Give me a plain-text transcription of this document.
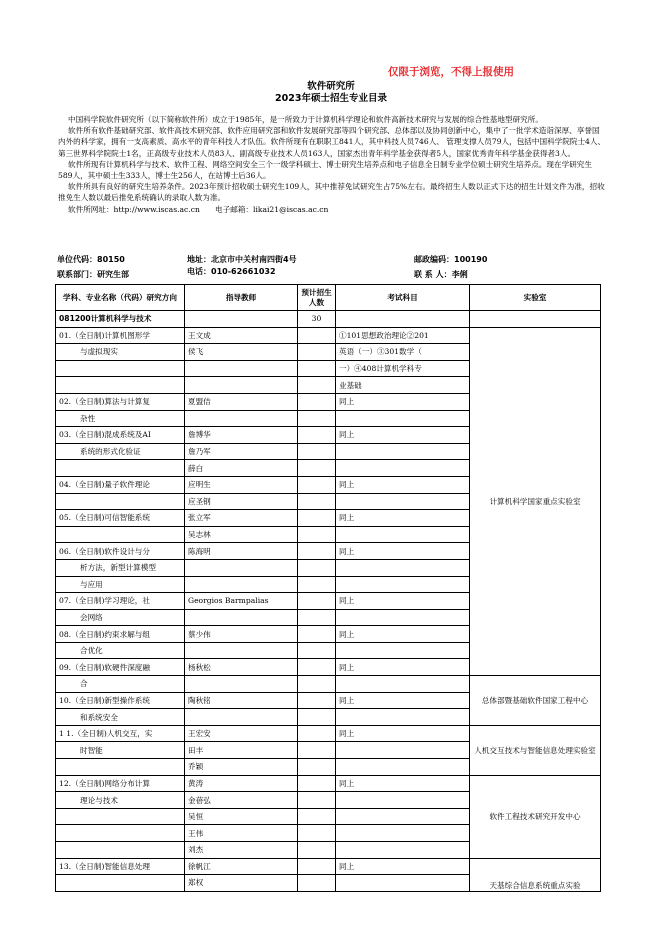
仅限于浏览，不得上报使用
软件研究所
2023年硕士招生专业目录

中国科学院软件研究所（以下简称软件所）成立于1985年，是一所致力于计算机科学理论和软件高新技术研究与发展的综合性基地型研究所。

软件所有软件基础研究部、软件高技术研究部、软件应用研究部和软件发展研究部等四个研究部、总体部以及协同创新中心，集中了一批学术造诣深厚、享誉国内外的科学家，拥有一支高素质、高水平的青年科技人才队伍。软件所现有在职职工841人，其中科技人员746人、 管理支撑人员79人，包括中国科学院院士4人、第三世界科学院院士1名，正高级专业技术人员83人、副高级专业技术人员163人，国家杰出青年科学基金获得者5人，国家优秀青年科学基金获得者3人。

软件所现有计算机科学与技术、软件工程、网络空间安全三个一级学科硕士、博士研究生培养点和电子信息全日制专业学位硕士研究生培养点。现在学研究生589人，其中硕士生333人，博士生256人，在站博士后36人。

软件所具有良好的研究生培养条件。2023年预计招收硕士研究生109人，其中推荐免试研究生占75%左右。最终招生人数以正式下达的招生计划文件为准，招收推免生人数以最后推免系统确认的录取人数为准。

软件所网址：http://www.iscas.ac.cn　　电子邮箱：likai21@iscas.ac.cn

单位代码：80150	地址：北京市中关村南四街4号	邮政编码：100190
联系部门：研究生部	电话：010-62661032	联 系 人：李俐
学科、专业名称（代码）研究方向	指导教师	预计招生人数	考试科目	实验室
081200计算机科学与技术		30		
01.（全日制)计算机图形学	王文成		①101思想政治理论②201	计算机科学国家重点实验室
与虚拟现实	侯飞		英语（一）③301数学（	
			一）④408计算机学科专	
			业基础	
02.（全日制)算法与计算复	夏盟佶		同上	
杂性				
03.（全日制)混成系统及AI	詹博华		同上	
系统的形式化验证	詹乃军			
	薛白			
04.（全日制)量子软件理论	应明生		同上	
	应圣钢			
05.（全日制)可信智能系统	张立军		同上	
	吴志林			
06.（全日制)软件设计与分	陈海明		同上	
析方法，新型计算模型				
与应用				
07.（全日制)学习理论，社	Georgios Barmpalias		同上	
会网络				
08.（全日制)约束求解与组	蔡少伟		同上	
合优化				
09.（全日制)软硬件深度融	杨秋松		同上	
合				总体部暨基础软件国家工程中心
10.（全日制)新型操作系统	陶秋铭		同上	
和系统安全				
1 1.（全日制)人机交互，实	王宏安		同上	人机交互技术与智能信息处理实验室
时智能	田丰			
	乔颖			
12.（全日制)网络分布计算	黄涛		同上	软件工程技术研究开发中心
理论与技术	金蓓弘			
	吴恒			
	王伟			
	刘杰			
13.（全日制)智能信息处理	徐帆江		同上	天基综合信息系统重点实验
	郑权			
